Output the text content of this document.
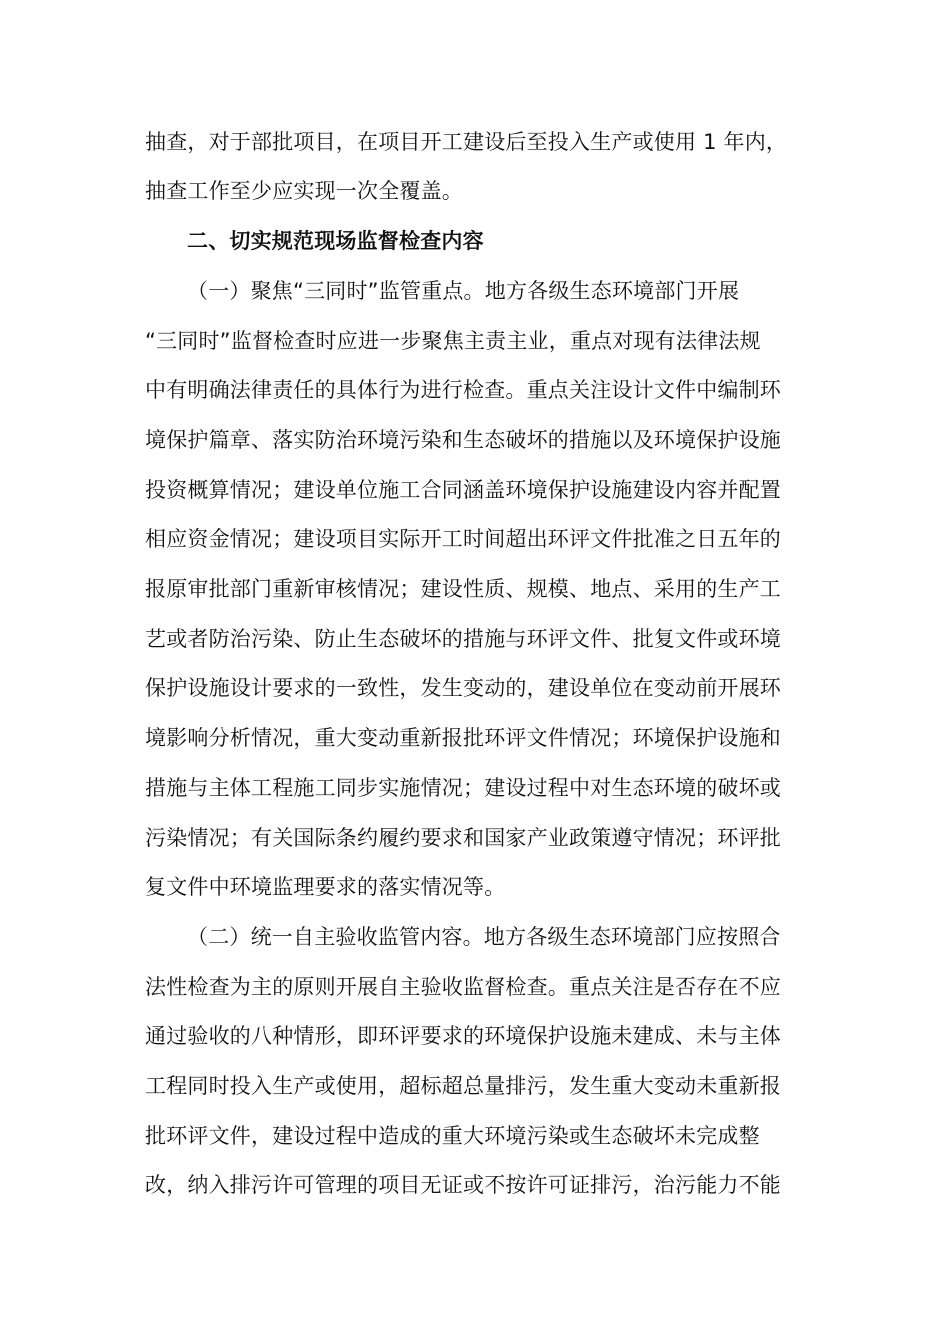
抽查，对于部批项目，在项目开工建设后至投入生产或使用 1 年内，
抽查工作至少应实现一次全覆盖。
二、切实规范现场监督检查内容
（一）聚焦“三同时”监管重点。地方各级生态环境部门开展
“三同时”监督检查时应进一步聚焦主责主业，重点对现有法律法规
中有明确法律责任的具体行为进行检查。重点关注设计文件中编制环
境保护篇章、落实防治环境污染和生态破坏的措施以及环境保护设施
投资概算情况；建设单位施工合同涵盖环境保护设施建设内容并配置
相应资金情况；建设项目实际开工时间超出环评文件批准之日五年的
报原审批部门重新审核情况；建设性质、规模、地点、采用的生产工
艺或者防治污染、防止生态破坏的措施与环评文件、批复文件或环境
保护设施设计要求的一致性，发生变动的，建设单位在变动前开展环
境影响分析情况，重大变动重新报批环评文件情况；环境保护设施和
措施与主体工程施工同步实施情况；建设过程中对生态环境的破坏或
污染情况；有关国际条约履约要求和国家产业政策遵守情况；环评批
复文件中环境监理要求的落实情况等。
（二）统一自主验收监管内容。地方各级生态环境部门应按照合
法性检查为主的原则开展自主验收监督检查。重点关注是否存在不应
通过验收的八种情形，即环评要求的环境保护设施未建成、未与主体
工程同时投入生产或使用，超标超总量排污，发生重大变动未重新报
批环评文件，建设过程中造成的重大环境污染或生态破坏未完成整
改，纳入排污许可管理的项目无证或不按许可证排污，治污能力不能
